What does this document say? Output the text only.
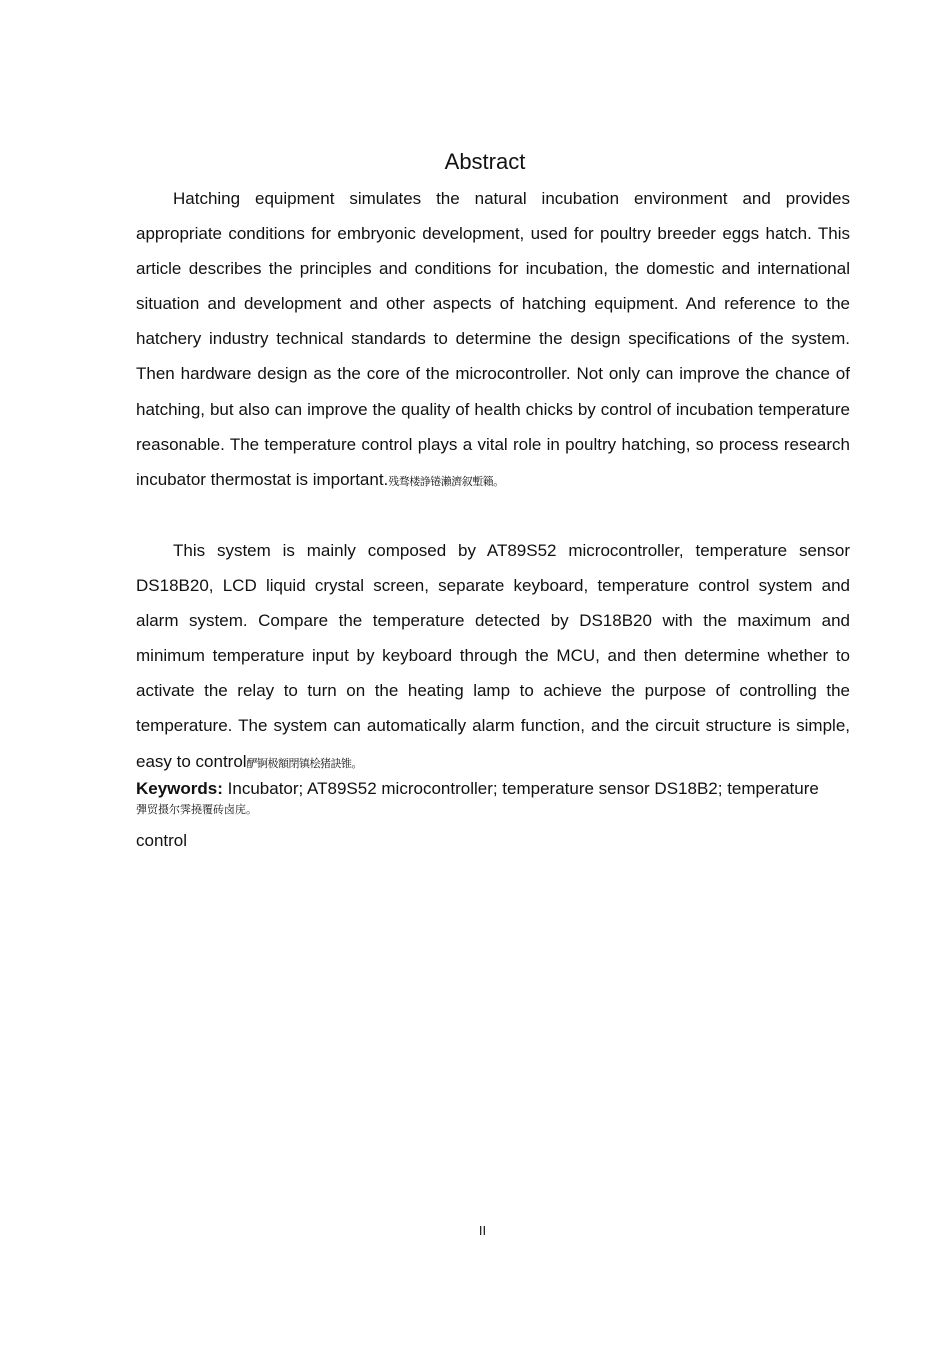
Abstract

Hatching equipment simulates the natural incubation environment and provides appropriate conditions for embryonic development, used for poultry breeder eggs hatch. This article describes the principles and conditions for incubation, the domestic and international situation and development and other aspects of hatching equipment. And reference to the hatchery industry technical standards to determine the design specifications of the system. Then hardware design as the core of the microcontroller. Not only can improve the chance of hatching, but also can improve the quality of health chicks by control of incubation temperature reasonable. The temperature control plays a vital role in poultry hatching, so process research incubator thermostat is important.残骛楼諍锩瀨濟叙塹籟。

This system is mainly composed by AT89S52 microcontroller, temperature sensor DS18B20, LCD liquid crystal screen, separate keyboard, temperature control system and alarm system. Compare the temperature detected by DS18B20 with the maximum and minimum temperature input by keyboard through the MCU, and then determine whether to activate the relay to turn on the heating lamp to achieve the purpose of controlling the temperature. The system can automatically alarm function, and the circuit structure is simple, easy to control酽锕极額閉镇桧猪訣锥。

Keywords: Incubator; AT89S52 microcontroller; temperature sensor DS18B2; temperature
彈贸摄尔霁撓覆砖卤庑。
control
II
